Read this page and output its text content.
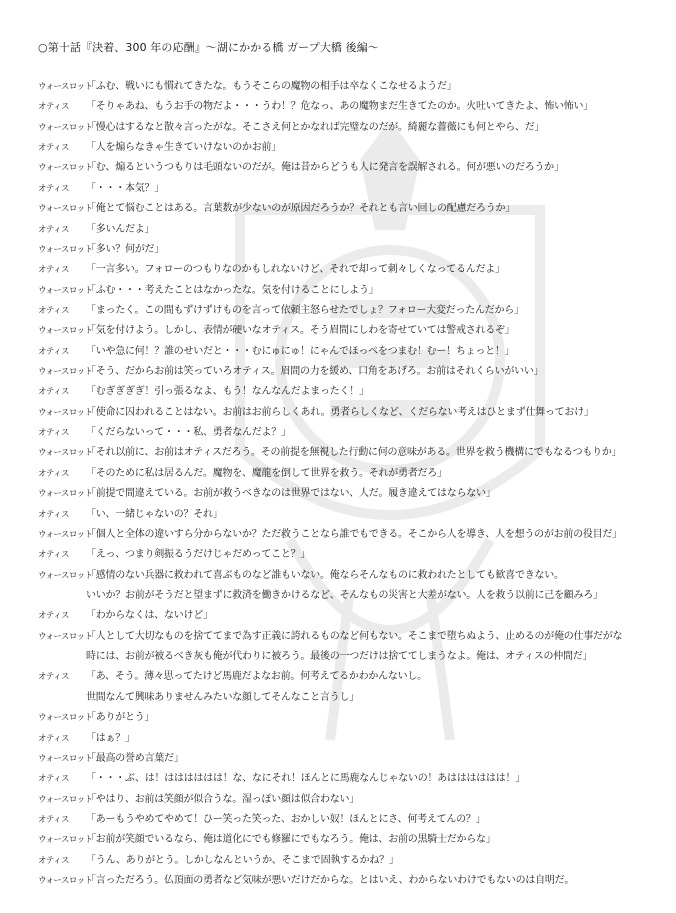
○第十話『決着、300 年の応酬』〜湖にかかる橋 ガープ大橋 後編〜
ウォースロット
「ふむ、戦いにも慣れてきたな。もうそこらの魔物の相手は卒なくこなせるようだ」
オティス	「そりゃあね、もうお手の物だよ・・・うわ！？危なっ、あの魔物まだ生きてたのか。火吐いてきたよ、怖い怖い」
ウォースロット
「慢心はするなと散々言ったがな。そこさえ何とかなれば完璧なのだが。綺麗な薔薇にも何とやら、だ」
オティス	「人を煽らなきゃ生きていけないのかお前」
ウォースロット
「む、煽るというつもりは毛頭ないのだが。俺は昔からどうも人に発言を誤解される。何が悪いのだろうか」
オティス	「・・・本気？」
ウォースロット
「俺とて悩むことはある。言葉数が少ないのが原因だろうか？それとも言い回しの配慮だろうか」
オティス	「多いんだよ」
ウォースロット
「多い？何がだ」
オティス	「一言多い。フォローのつもりなのかもしれないけど、それで却って刺々しくなってるんだよ」
ウォースロット
「ふむ・・・考えたことはなかったな。気を付けることにしよう」
オティス	「まったく。この間もずけずけものを言って依頼主怒らせたでしょ？フォロー大変だったんだから」
ウォースロット
「気を付けよう。しかし、表情が硬いなオティス。そう眉間にしわを寄せていては警戒されるぞ」
オティス	「いや急に何！？誰のせいだと・・・むにゅにゅ！にゃんでほっぺをつまむ！むー！ちょっと！」
ウォースロット
「そう、だからお前は笑っていろオティス。眉間の力を緩め、口角をあげろ。お前はそれくらいがいい」
オティス	「むぎぎぎぎ！引っ張るなよ、もう！なんなんだよまったく！」
ウォースロット
「使命に囚われることはない。お前はお前らしくあれ。勇者らしくなど、くだらない考えはひとまず仕舞っておけ」
オティス	「くだらないって・・・私、勇者なんだよ？」
ウォースロット
「それ以前に、お前はオティスだろう。その前提を無視した行動に何の意味がある。世界を救う機構にでもなるつもりか」
オティス	「そのために私は居るんだ。魔物を、魔龍を倒して世界を救う。それが勇者だろ」
ウォースロット
「前提で間違えている。お前が救うべきなのは世界ではない、人だ。履き違えてはならない」
オティス	「い、一緒じゃないの？それ」
ウォースロット
「個人と全体の違いすら分からないか？ただ救うことなら誰でもできる。そこから人を導き、人を想うのがお前の役目だ」
オティス	「えっ、つまり剣振るうだけじゃだめってこと？」
ウォースロット
「感情のない兵器に救われて喜ぶものなど誰もいない。俺ならそんなものに救われたとしても歓喜できない。
いいか？お前がそうだと望まずに救済を働きかけるなど、そんなもの災害と大差がない。人を救う以前に己を顧みろ」
オティス	「わからなくは、ないけど」
ウォースロット
「人として大切なものを捨ててまで為す正義に誇れるものなど何もない。そこまで堕ちぬよう、止めるのが俺の仕事だがな
時には、お前が被るべき灰も俺が代わりに被ろう。最後の一つだけは捨ててしまうなよ。俺は、オティスの仲間だ」
オティス	「あ、そう。薄々思ってたけど馬鹿だよなお前。何考えてるかわかんないし。
世間なんて興味ありませんみたいな顔してそんなこと言うし」
ウォースロット
「ありがとう」
オティス	「はぁ？」
ウォースロット
「最高の誉め言葉だ」
オティス	「・・・ぶ、は！はははははは！な、なにそれ！ほんとに馬鹿なんじゃないの！あはははははは！」
ウォースロット
「やはり、お前は笑顔が似合うな。湿っぽい顔は似合わない」
オティス	「あーもうやめてやめて！ひー笑った笑った、おかしい奴！ほんとにさ、何考えてんの？」
ウォースロット
「お前が笑顔でいるなら、俺は道化にでも修羅にでもなろう。俺は、お前の黒騎士だからな」
オティス	「うん、ありがとう。しかしなんというか、そこまで固執するかね？」
ウォースロット
「言っただろう。仏頂面の勇者など気味が悪いだけだからな。とはいえ、わからないわけでもないのは自明だ。
